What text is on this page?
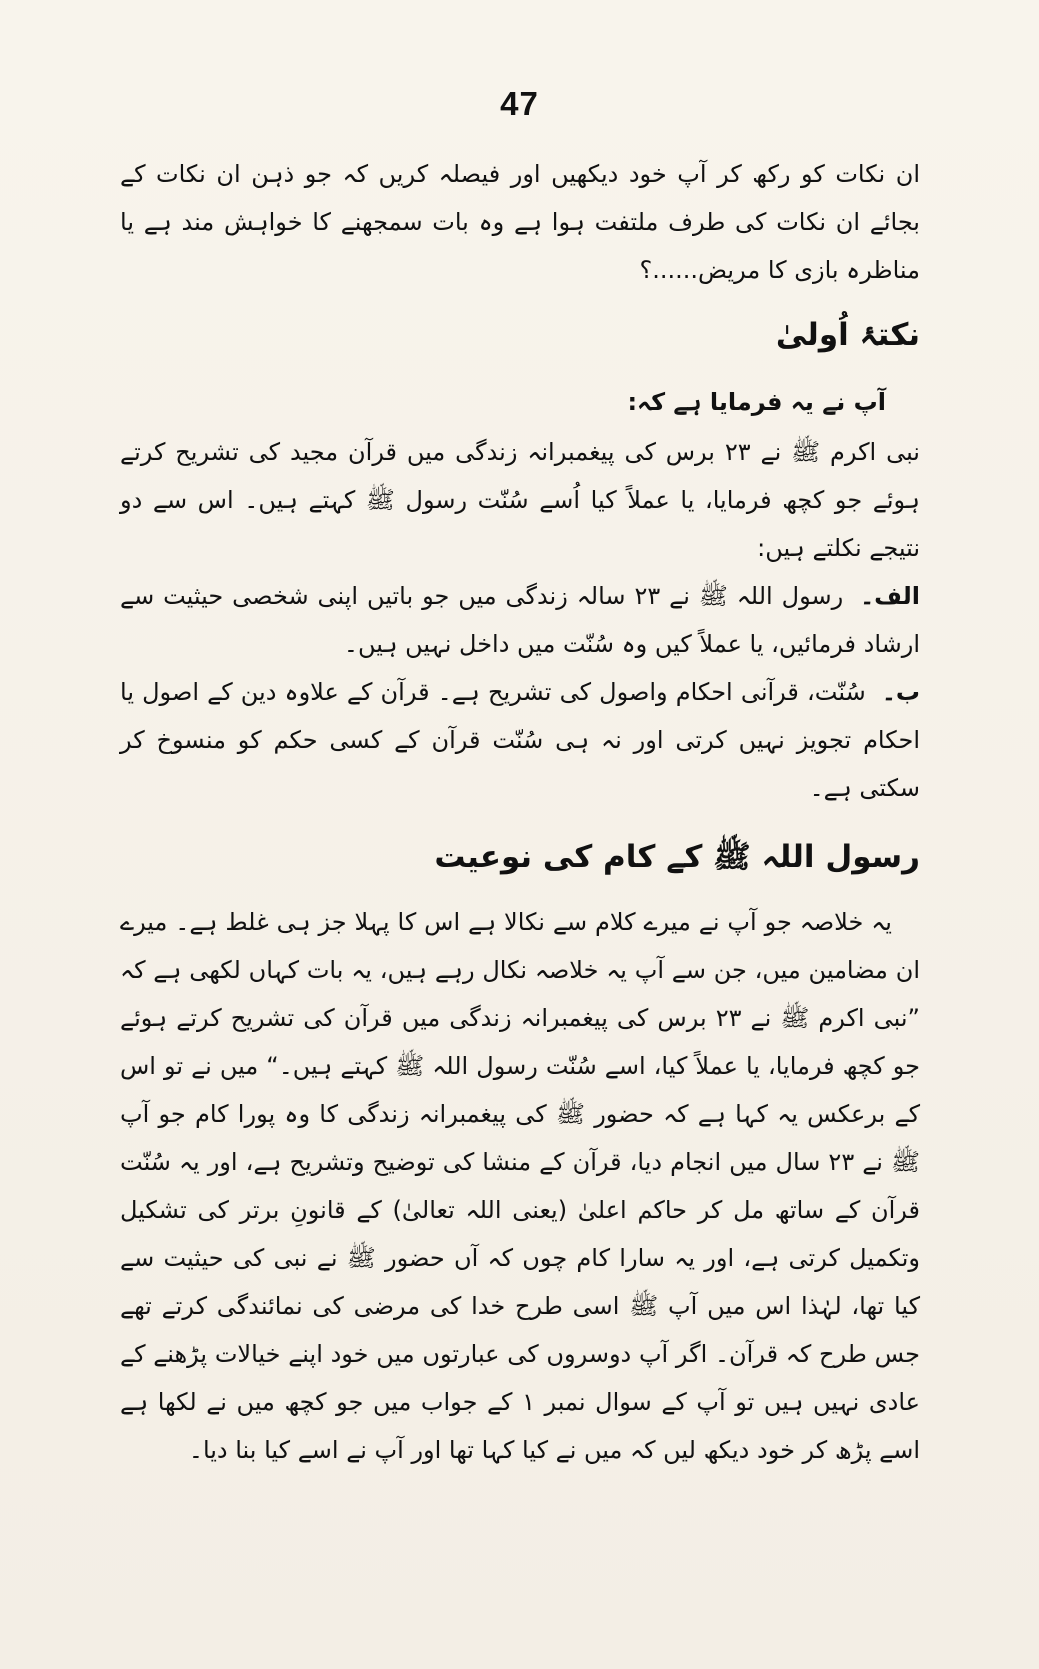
47

ان نکات کو رکھ کر آپ خود دیکھیں اور فیصلہ کریں کہ جو ذہن ان نکات کے بجائے ان نکات کی طرف ملتفت ہوا ہے وہ بات سمجھنے کا خواہش مند ہے یا مناظرہ بازی کا مریض......؟

نکتۂ اُولیٰ

آپ نے یہ فرمایا ہے کہ:

نبی اکرم ﷺ نے ۲۳ برس کی پیغمبرانہ زندگی میں قرآن مجید کی تشریح کرتے ہوئے جو کچھ فرمایا، یا عملاً کیا اُسے سُنّت رسول ﷺ کہتے ہیں۔ اس سے دو نتیجے نکلتے ہیں:

الف۔ رسول اللہ ﷺ نے ۲۳ سالہ زندگی میں جو باتیں اپنی شخصی حیثیت سے ارشاد فرمائیں، یا عملاً کیں وہ سُنّت میں داخل نہیں ہیں۔
ب۔ سُنّت، قرآنی احکام واصول کی تشریح ہے۔ قرآن کے علاوہ دین کے اصول یا احکام تجویز نہیں کرتی اور نہ ہی سُنّت قرآن کے کسی حکم کو منسوخ کر سکتی ہے۔
رسول اللہ ﷺ کے کام کی نوعیت

یہ خلاصہ جو آپ نے میرے کلام سے نکالا ہے اس کا پہلا جز ہی غلط ہے۔ میرے ان مضامین میں، جن سے آپ یہ خلاصہ نکال رہے ہیں، یہ بات کہاں لکھی ہے کہ ”نبی اکرم ﷺ نے ۲۳ برس کی پیغمبرانہ زندگی میں قرآن کی تشریح کرتے ہوئے جو کچھ فرمایا، یا عملاً کیا، اسے سُنّت رسول اللہ ﷺ کہتے ہیں۔“ میں نے تو اس کے برعکس یہ کہا ہے کہ حضور ﷺ کی پیغمبرانہ زندگی کا وہ پورا کام جو آپ ﷺ نے ۲۳ سال میں انجام دیا، قرآن کے منشا کی توضیح وتشریح ہے، اور یہ سُنّت قرآن کے ساتھ مل کر حاکم اعلیٰ (یعنی اللہ تعالیٰ) کے قانونِ برتر کی تشکیل وتکمیل کرتی ہے، اور یہ سارا کام چوں کہ آں حضور ﷺ نے نبی کی حیثیت سے کیا تھا، لہٰذا اس میں آپ ﷺ اسی طرح خدا کی مرضی کی نمائندگی کرتے تھے جس طرح کہ قرآن۔ اگر آپ دوسروں کی عبارتوں میں خود اپنے خیالات پڑھنے کے عادی نہیں ہیں تو آپ کے سوال نمبر ۱ کے جواب میں جو کچھ میں نے لکھا ہے اسے پڑھ کر خود دیکھ لیں کہ میں نے کیا کہا تھا اور آپ نے اسے کیا بنا دیا۔
